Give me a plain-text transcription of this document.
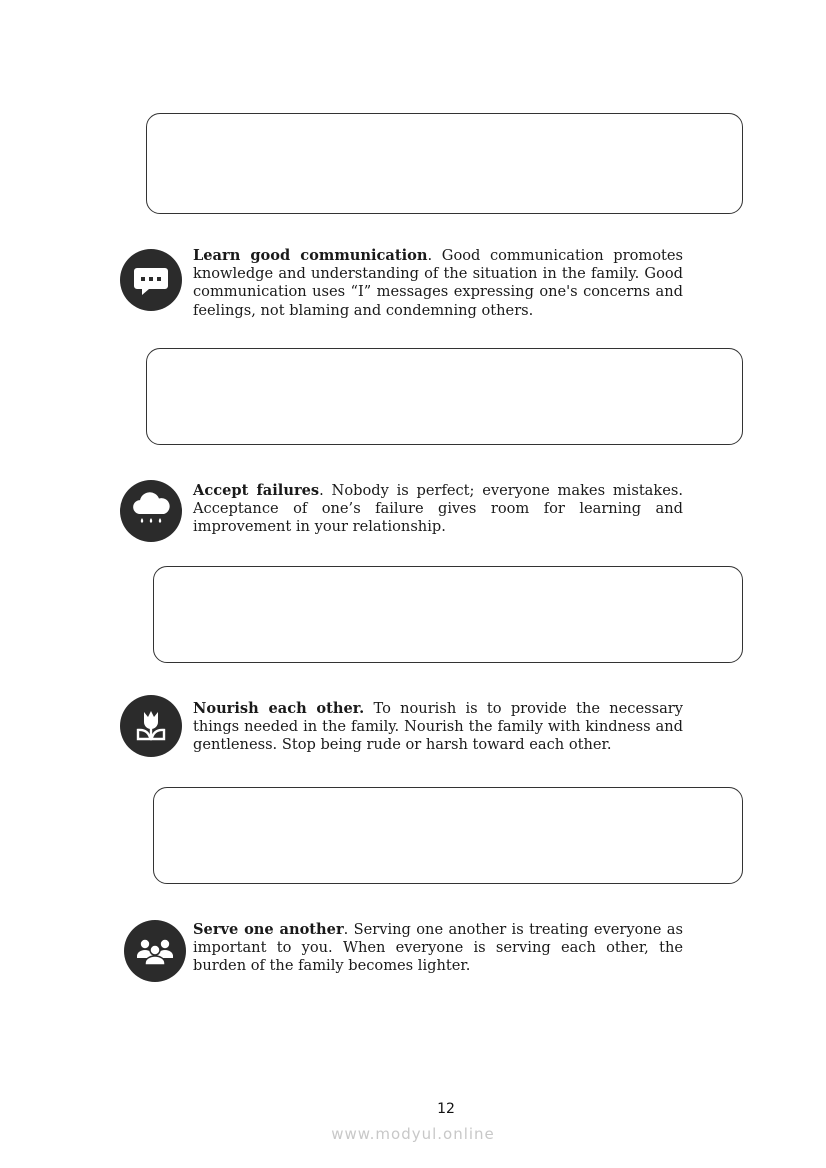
Learn good communication. Good communication promotes knowledge and understanding of the situation in the family. Good communication uses “I” messages expressing one's concerns and feelings, not blaming and condemning others.

Accept failures. Nobody is perfect; everyone makes mistakes. Acceptance of one’s failure gives room for learning and improvement in your relationship.

Nourish each other. To nourish is to provide the necessary things needed in the family. Nourish the family with kindness and gentleness. Stop being rude or harsh toward each other.

Serve one another. Serving one another is treating everyone as important to you. When everyone is serving each other, the burden of the family becomes lighter.

12
www.modyul.online
